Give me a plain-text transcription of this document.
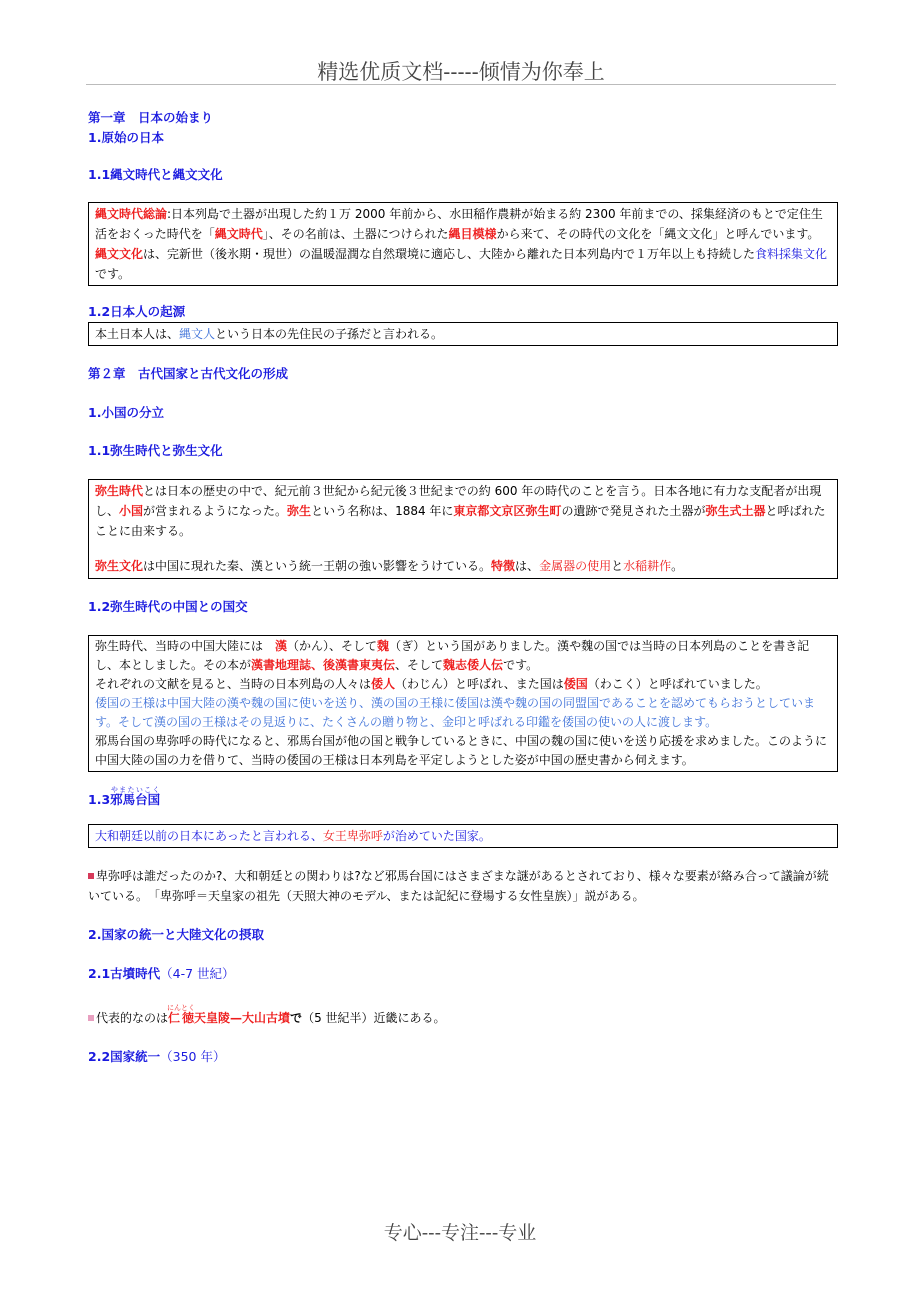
精选优质文档-----倾情为你奉上

第一章　日本の始まり

1.原始の日本

1.1縄文時代と縄文文化

縄文時代総論:日本列島で土器が出現した約１万 2000 年前から、水田稲作農耕が始まる約 2300 年前までの、採集経済のもとで定住生活をおくった時代を「縄文時代」、その名前は、土器につけられた縄目模様から来て、その時代の文化を「縄文文化」と呼んでいます。縄文文化は、完新世（後氷期・現世）の温暖湿潤な自然環境に適応し、大陸から離れた日本列島内で１万年以上も持続した食料採集文化です。

1.2日本人の起源

本土日本人は、縄文人という日本の先住民の子孫だと言われる。

第２章　古代国家と古代文化の形成

1.小国の分立

1.1弥生時代と弥生文化

弥生時代とは日本の歴史の中で、紀元前３世紀から紀元後３世紀までの約 600 年の時代のことを言う。日本各地に有力な支配者が出現し、小国が営まれるようになった。弥生という名称は、1884 年に東京都文京区弥生町の遺跡で発見された土器が弥生式土器と呼ばれたことに由来する。
弥生文化は中国に現れた秦、漢という統一王朝の強い影響をうけている。特徴は、金属器の使用と水稲耕作。

1.2弥生時代の中国との国交

弥生時代、当時の中国大陸には　漢（かん）、そして魏（ぎ）という国がありました。漢や魏の国では当時の日本列島のことを書き記し、本としました。その本が漢書地理誌、後漢書東夷伝、そして魏志倭人伝です。
それぞれの文献を見ると、当時の日本列島の人々は倭人（わじん）と呼ばれ、また国は倭国（わこく）と呼ばれていました。
倭国の王様は中国大陸の漢や魏の国に使いを送り、漢の国の王様に倭国は漢や魏の国の同盟国であることを認めてもらおうとしています。そして漢の国の王様はその見返りに、たくさんの贈り物と、金印と呼ばれる印鑑を倭国の使いの人に渡します。
邪馬台国の卑弥呼の時代になると、邪馬台国が他の国と戦争しているときに、中国の魏の国に使いを送り応援を求めました。このように中国大陸の国の力を借りて、当時の倭国の王様は日本列島を平定しようとした姿が中国の歴史書から伺えます。

1.3邪馬台国やまたいこく

大和朝廷以前の日本にあったと言われる、女王卑弥呼が治めていた国家。
卑弥呼は誰だったのか?、大和朝廷との関わりは?など邪馬台国にはさまざまな謎があるとされており、様々な要素が絡み合って議論が続いている。　「卑弥呼＝天皇家の祖先（天照大神のモデル、または記紀に登場する女性皇族）」説がある。

2.国家の統一と大陸文化の摂取

2.1古墳時代（4-7 世紀）

代表的なのは仁徳にんとく天皇陵—大山古墳で（5 世紀半）近畿にある。

2.2国家統一（350 年）

专心---专注---专业
